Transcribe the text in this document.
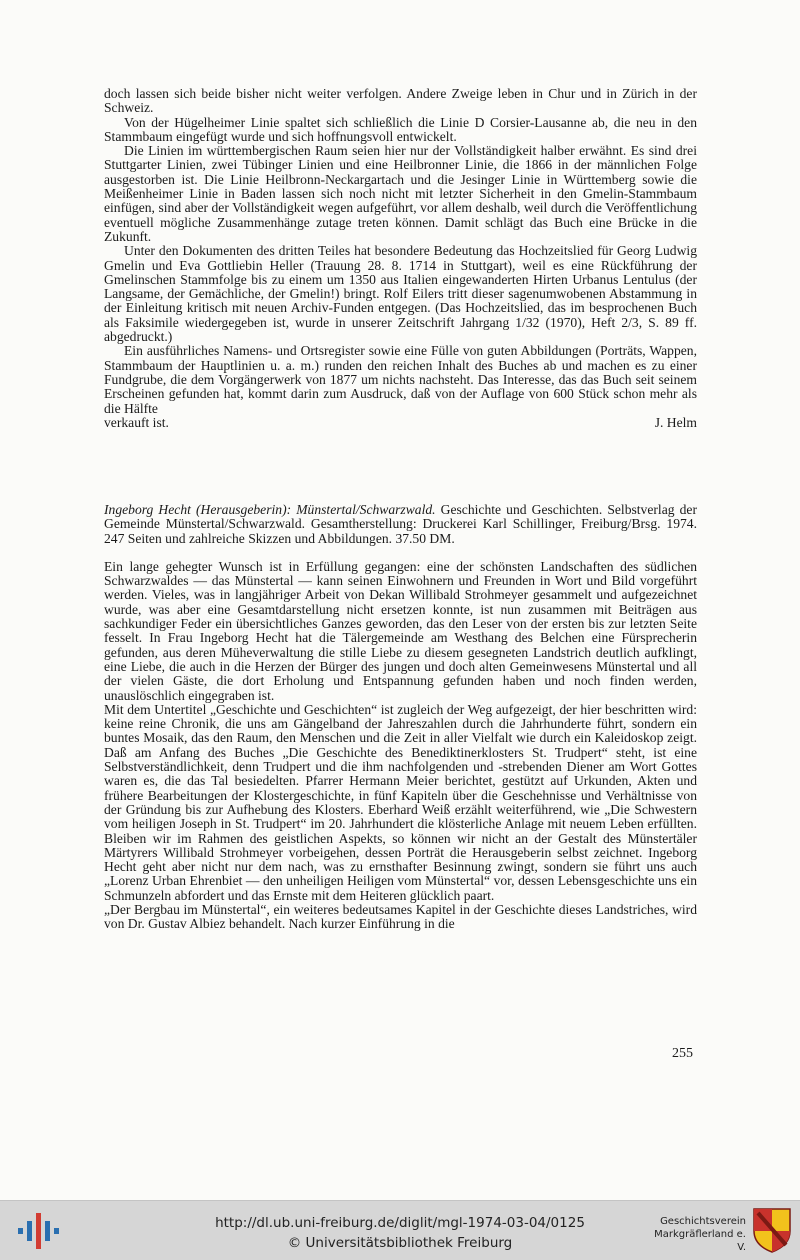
doch lassen sich beide bisher nicht weiter verfolgen. Andere Zweige leben in Chur und in Zürich in der Schweiz.

Von der Hügelheimer Linie spaltet sich schließlich die Linie D Corsier-Lausanne ab, die neu in den Stammbaum eingefügt wurde und sich hoffnungsvoll entwickelt.

Die Linien im württembergischen Raum seien hier nur der Vollständigkeit halber erwähnt. Es sind drei Stuttgarter Linien, zwei Tübinger Linien und eine Heilbronner Linie, die 1866 in der männlichen Folge ausgestorben ist. Die Linie Heilbronn-Neckargartach und die Jesinger Linie in Württemberg sowie die Meißenheimer Linie in Baden lassen sich noch nicht mit letzter Sicherheit in den Gmelin-Stammbaum einfügen, sind aber der Vollständigkeit wegen aufgeführt, vor allem deshalb, weil durch die Veröffentlichung eventuell mögliche Zusammenhänge zutage treten können. Damit schlägt das Buch eine Brücke in die Zukunft.

Unter den Dokumenten des dritten Teiles hat besondere Bedeutung das Hochzeitslied für Georg Ludwig Gmelin und Eva Gottliebin Heller (Trauung 28. 8. 1714 in Stuttgart), weil es eine Rückführung der Gmelinschen Stammfolge bis zu einem um 1350 aus Italien eingewanderten Hirten Urbanus Lentulus (der Langsame, der Gemächliche, der Gmelin!) bringt. Rolf Eilers tritt dieser sagenumwobenen Abstammung in der Einleitung kritisch mit neuen Archiv-Funden entgegen. (Das Hochzeitslied, das im besprochenen Buch als Faksimile wiedergegeben ist, wurde in unserer Zeitschrift Jahrgang 1/32 (1970), Heft 2/3, S. 89 ff. abgedruckt.)

Ein ausführliches Namens- und Ortsregister sowie eine Fülle von guten Abbildungen (Porträts, Wappen, Stammbaum der Hauptlinien u. a. m.) runden den reichen Inhalt des Buches ab und machen es zu einer Fundgrube, die dem Vorgängerwerk von 1877 um nichts nachsteht. Das Interesse, das das Buch seit seinem Erscheinen gefunden hat, kommt darin zum Ausdruck, daß von der Auflage von 600 Stück schon mehr als die Hälfte

verkauft ist.	J. Helm

Ingeborg Hecht (Herausgeberin): Münstertal/Schwarzwald. Geschichte und Geschichten. Selbstverlag der Gemeinde Münstertal/Schwarzwald. Gesamtherstellung: Druckerei Karl Schillinger, Freiburg/Brsg. 1974. 247 Seiten und zahlreiche Skizzen und Abbildungen. 37.50 DM.

Ein lange gehegter Wunsch ist in Erfüllung gegangen: eine der schönsten Landschaften des südlichen Schwarzwaldes — das Münstertal — kann seinen Einwohnern und Freunden in Wort und Bild vorgeführt werden. Vieles, was in langjähriger Arbeit von Dekan Willibald Strohmeyer gesammelt und aufgezeichnet wurde, was aber eine Gesamtdarstellung nicht ersetzen konnte, ist nun zusammen mit Beiträgen aus sachkundiger Feder ein übersichtliches Ganzes geworden, das den Leser von der ersten bis zur letzten Seite fesselt. In Frau Ingeborg Hecht hat die Tälergemeinde am Westhang des Belchen eine Fürsprecherin gefunden, aus deren Müheverwaltung die stille Liebe zu diesem gesegneten Landstrich deutlich aufklingt, eine Liebe, die auch in die Herzen der Bürger des jungen und doch alten Gemeinwesens Münstertal und all der vielen Gäste, die dort Erholung und Entspannung gefunden haben und noch finden werden, unauslöschlich eingegraben ist.

Mit dem Untertitel „Geschichte und Geschichten“ ist zugleich der Weg aufgezeigt, der hier beschritten wird: keine reine Chronik, die uns am Gängelband der Jahreszahlen durch die Jahrhunderte führt, sondern ein buntes Mosaik, das den Raum, den Menschen und die Zeit in aller Vielfalt wie durch ein Kaleidoskop zeigt. Daß am Anfang des Buches „Die Geschichte des Benediktinerklosters St. Trudpert“ steht, ist eine Selbstverständlichkeit, denn Trudpert und die ihm nachfolgenden und -strebenden Diener am Wort Gottes waren es, die das Tal besiedelten. Pfarrer Hermann Meier berichtet, gestützt auf Urkunden, Akten und frühere Bearbeitungen der Klostergeschichte, in fünf Kapiteln über die Geschehnisse und Verhältnisse von der Gründung bis zur Aufhebung des Klosters. Eberhard Weiß erzählt weiterführend, wie „Die Schwestern vom heiligen Joseph in St. Trudpert“ im 20. Jahrhundert die klösterliche Anlage mit neuem Leben erfüllten. Bleiben wir im Rahmen des geistlichen Aspekts, so können wir nicht an der Gestalt des Münstertäler Märtyrers Willibald Strohmeyer vorbeigehen, dessen Porträt die Herausgeberin selbst zeichnet. Ingeborg Hecht geht aber nicht nur dem nach, was zu ernsthafter Besinnung zwingt, sondern sie führt uns auch „Lorenz Urban Ehrenbiet — den unheiligen Heiligen vom Münstertal“ vor, dessen Lebensgeschichte uns ein Schmunzeln abfordert und das Ernste mit dem Heiteren glücklich paart.

„Der Bergbau im Münstertal“, ein weiteres bedeutsames Kapitel in der Geschichte dieses Landstriches, wird von Dr. Gustav Albiez behandelt. Nach kurzer Einführung in die

255
http://dl.ub.uni-freiburg.de/diglit/mgl-1974-03-04/0125
© Universitätsbibliothek Freiburg
Geschichtsverein
Markgräflerland e. V.
